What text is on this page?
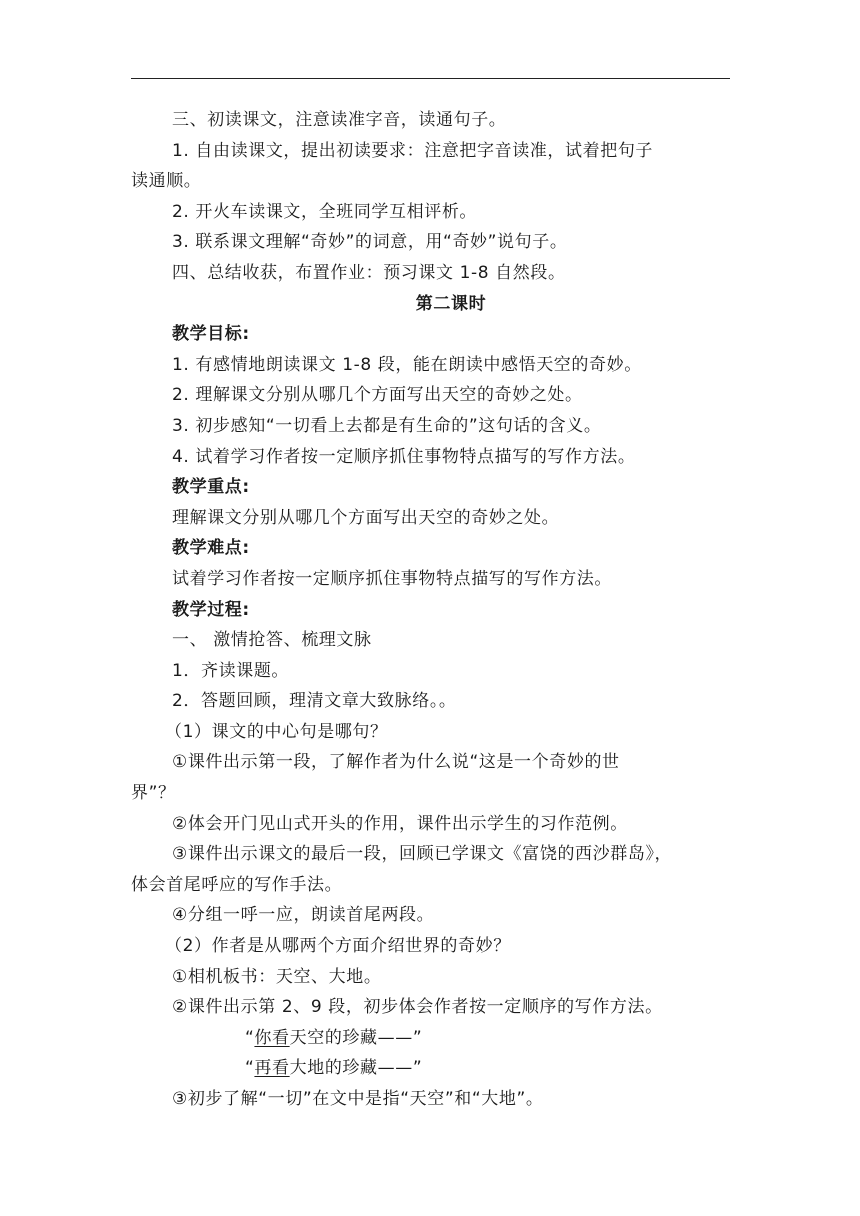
三、初读课文，注意读准字音，读通句子。
1. 自由读课文，提出初读要求：注意把字音读准，试着把句子
读通顺。
2. 开火车读课文，全班同学互相评析。
3. 联系课文理解“奇妙”的词意，用“奇妙”说句子。
四、总结收获，布置作业：预习课文 1-8 自然段。
第二课时
教学目标:
1. 有感情地朗读课文 1-8 段，能在朗读中感悟天空的奇妙。
2. 理解课文分别从哪几个方面写出天空的奇妙之处。
3. 初步感知“一切看上去都是有生命的”这句话的含义。
4. 试着学习作者按一定顺序抓住事物特点描写的写作方法。
教学重点:
理解课文分别从哪几个方面写出天空的奇妙之处。
教学难点:
试着学习作者按一定顺序抓住事物特点描写的写作方法。
教学过程:
一、 激情抢答、梳理文脉
1．齐读课题。
2．答题回顾，理清文章大致脉络。。
（1）课文的中心句是哪句？
①课件出示第一段，了解作者为什么说“这是一个奇妙的世
界”？
②体会开门见山式开头的作用，课件出示学生的习作范例。
③课件出示课文的最后一段，回顾已学课文《富饶的西沙群岛》，
体会首尾呼应的写作手法。
④分组一呼一应，朗读首尾两段。
（2）作者是从哪两个方面介绍世界的奇妙？
①相机板书：天空、大地。
②课件出示第 2、9 段，初步体会作者按一定顺序的写作方法。
“你看天空的珍藏——”
“再看大地的珍藏——”
③初步了解“一切”在文中是指“天空”和“大地”。
